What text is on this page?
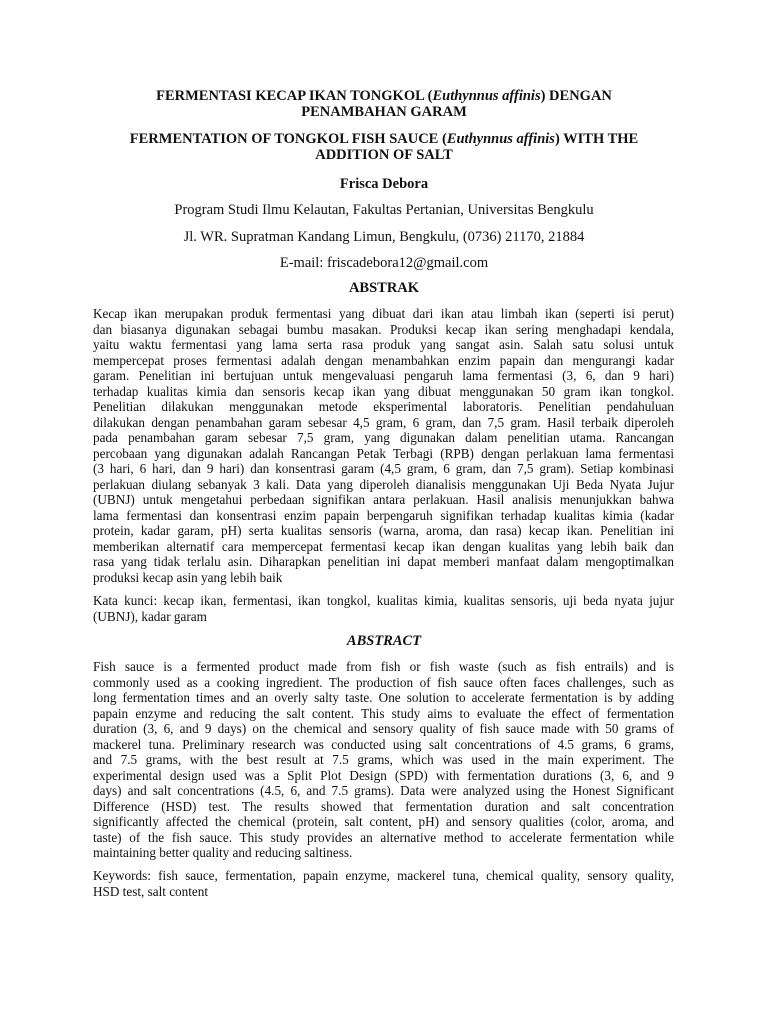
FERMENTASI KECAP IKAN TONGKOL (Euthynnus affinis) DENGAN
PENAMBAHAN GARAM
FERMENTATION OF TONGKOL FISH SAUCE (Euthynnus affinis) WITH THE
ADDITION OF SALT
Frisca Debora
Program Studi Ilmu Kelautan, Fakultas Pertanian, Universitas Bengkulu
Jl. WR. Supratman Kandang Limun, Bengkulu, (0736) 21170, 21884
E-mail: friscadebora12@gmail.com
ABSTRAK
Kecap ikan merupakan produk fermentasi yang dibuat dari ikan atau limbah ikan (seperti isi perut)
dan biasanya digunakan sebagai bumbu masakan. Produksi kecap ikan sering menghadapi kendala,
yaitu waktu fermentasi yang lama serta rasa produk yang sangat asin. Salah satu solusi untuk
mempercepat proses fermentasi adalah dengan menambahkan enzim papain dan mengurangi kadar
garam. Penelitian ini bertujuan untuk mengevaluasi pengaruh lama fermentasi (3, 6, dan 9 hari)
terhadap kualitas kimia dan sensoris kecap ikan yang dibuat menggunakan 50 gram ikan tongkol.
Penelitian dilakukan menggunakan metode eksperimental laboratoris. Penelitian pendahuluan
dilakukan dengan penambahan garam sebesar 4,5 gram, 6 gram, dan 7,5 gram. Hasil terbaik diperoleh
pada penambahan garam sebesar 7,5 gram, yang digunakan dalam penelitian utama. Rancangan
percobaan yang digunakan adalah Rancangan Petak Terbagi (RPB) dengan perlakuan lama fermentasi
(3 hari, 6 hari, dan 9 hari) dan konsentrasi garam (4,5 gram, 6 gram, dan 7,5 gram). Setiap kombinasi
perlakuan diulang sebanyak 3 kali. Data yang diperoleh dianalisis menggunakan Uji Beda Nyata Jujur
(UBNJ) untuk mengetahui perbedaan signifikan antara perlakuan. Hasil analisis menunjukkan bahwa
lama fermentasi dan konsentrasi enzim papain berpengaruh signifikan terhadap kualitas kimia (kadar
protein, kadar garam, pH) serta kualitas sensoris (warna, aroma, dan rasa) kecap ikan. Penelitian ini
memberikan alternatif cara mempercepat fermentasi kecap ikan dengan kualitas yang lebih baik dan
rasa yang tidak terlalu asin. Diharapkan penelitian ini dapat memberi manfaat dalam mengoptimalkan
produksi kecap asin yang lebih baik
Kata kunci: kecap ikan, fermentasi, ikan tongkol, kualitas kimia, kualitas sensoris, uji beda nyata jujur
(UBNJ), kadar garam
ABSTRACT
Fish sauce is a fermented product made from fish or fish waste (such as fish entrails) and is
commonly used as a cooking ingredient. The production of fish sauce often faces challenges, such as
long fermentation times and an overly salty taste. One solution to accelerate fermentation is by adding
papain enzyme and reducing the salt content. This study aims to evaluate the effect of fermentation
duration (3, 6, and 9 days) on the chemical and sensory quality of fish sauce made with 50 grams of
mackerel tuna. Preliminary research was conducted using salt concentrations of 4.5 grams, 6 grams,
and 7.5 grams, with the best result at 7.5 grams, which was used in the main experiment. The
experimental design used was a Split Plot Design (SPD) with fermentation durations (3, 6, and 9
days) and salt concentrations (4.5, 6, and 7.5 grams). Data were analyzed using the Honest Significant
Difference (HSD) test. The results showed that fermentation duration and salt concentration
significantly affected the chemical (protein, salt content, pH) and sensory qualities (color, aroma, and
taste) of the fish sauce. This study provides an alternative method to accelerate fermentation while
maintaining better quality and reducing saltiness.
Keywords: fish sauce, fermentation, papain enzyme, mackerel tuna, chemical quality, sensory quality,
HSD test, salt content
